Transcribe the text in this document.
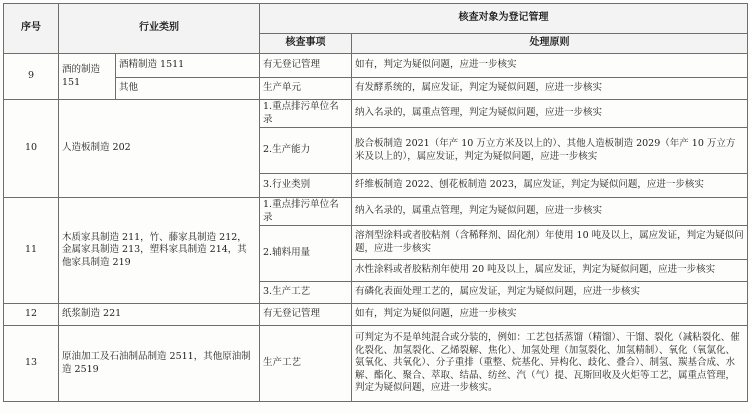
序号	行业类别		核查对象为登记管理	
			核查事项	处理原则
9	酒的制造 151	酒精制造 1511	有无登记管理	如有，判定为疑似问题，应进一步核实
		其他	生产单元	有发酵系统的，属应发证，判定为疑似问题，应进一步核实
10	人造板制造 202		1.重点排污单位名录	纳入名录的，属重点管理，判定为疑似问题，应进一步核实
			2.生产能力	胶合板制造 2021（年产 10 万立方米及以上的）、其他人造板制造 2029（年产 10 万立方米及以上的），属应发证，判定为疑似问题，应进一步核实
			3.行业类别	纤维板制造 2022、刨花板制造 2023，属应发证，判定为疑似问题，应进一步核实
11	木质家具制造 211，竹、藤家具制造 212，金属家具制造 213，塑料家具制造 214，其他家具制造 219		1.重点排污单位名录	纳入名录的，属重点管理，判定为疑似问题，应进一步核实
			2.辅料用量	溶剂型涂料或者胶粘剂（含稀释剂、固化剂）年使用 10 吨及以上，属应发证，判定为疑似问题，应进一步核实
				水性涂料或者胶粘剂年使用 20 吨及以上，属应发证，判定为疑似问题，应进一步核实
			3.生产工艺	有磷化表面处理工艺的，属应发证，判定为疑似问题，应进一步核实
12	纸浆制造 221		有无登记管理	如有，判定为疑似问题，应进一步核实
13	原油加工及石油制品制造 2511，其他原油制造 2519		生产工艺	可判定为不是单纯混合或分装的，例如：工艺包括蒸馏（精馏）、干馏、裂化（减粘裂化、催化裂化、加氢裂化、乙烯裂解、焦化）、加氢处理（加氢裂化、加氢精制）、氧化（氧氯化、氨氧化、共氧化）、分子重排（重整、烷基化、异构化、歧化、叠合）、制氢、羰基合成、水解、酯化、聚合、萃取、结晶、纺丝、汽（气）提、瓦斯回收及火炬等工艺，属重点管理，判定为疑似问题，应进一步核实。
